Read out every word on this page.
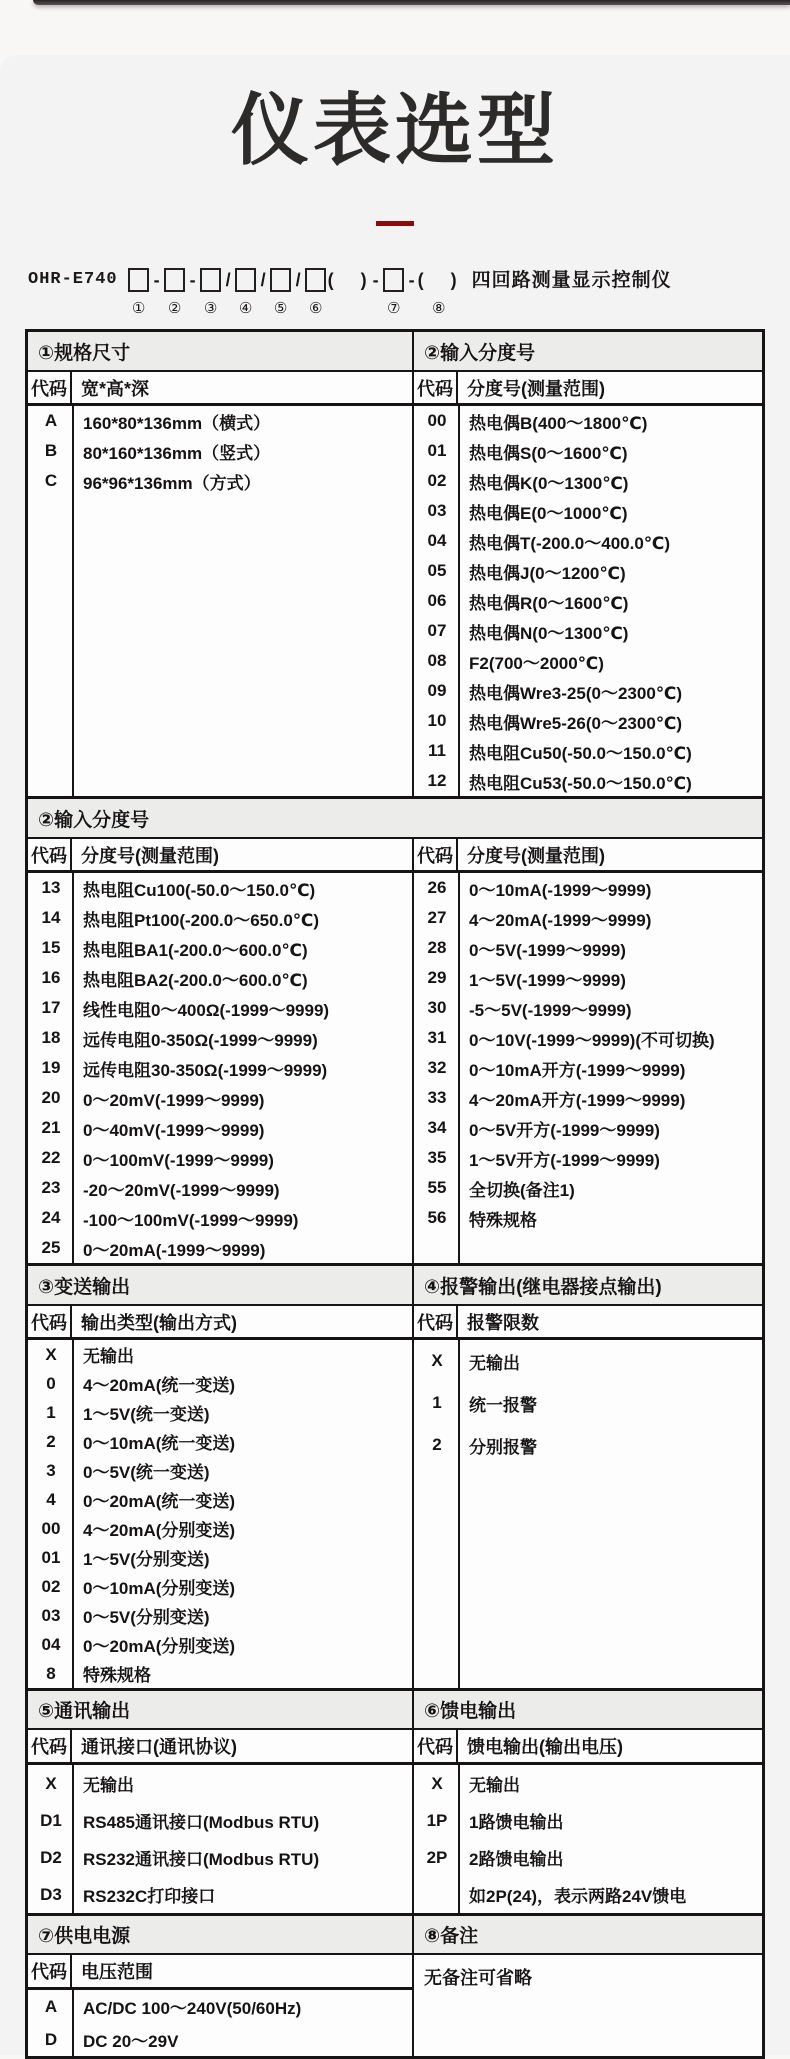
仪表选型
OHR-E740
①
-
②
-
③
/
④
/
⑤
/
⑥
(  ) -
⑦
- (  )
⑧
四回路测量显示控制仪
①规格尺寸	②输入分度号
代码 宽*高*深
A	160*80*136mm（横式）
B	80*160*136mm（竖式）
C	96*96*136mm（方式）
代码 分度号(测量范围)
00	热电偶B(400～1800℃)
01	热电偶S(0～1600℃)
02	热电偶K(0～1300℃)
03	热电偶E(0～1000℃)
04	热电偶T(-200.0～400.0℃)
05	热电偶J(0～1200℃)
06	热电偶R(0～1600℃)
07	热电偶N(0～1300℃)
08	F2(700～2000℃)
09	热电偶Wre3-25(0～2300℃)
10	热电偶Wre5-26(0～2300℃)
11	热电阻Cu50(-50.0～150.0℃)
12	热电阻Cu53(-50.0～150.0℃)
②输入分度号
代码 分度号(测量范围)
13	热电阻Cu100(-50.0～150.0℃)
14	热电阻Pt100(-200.0～650.0℃)
15	热电阻BA1(-200.0～600.0℃)
16	热电阻BA2(-200.0～600.0℃)
17	线性电阻0～400Ω(-1999～9999)
18	远传电阻0-350Ω(-1999～9999)
19	远传电阻30-350Ω(-1999～9999)
20	0～20mV(-1999～9999)
21	0～40mV(-1999～9999)
22	0～100mV(-1999～9999)
23	-20～20mV(-1999～9999)
24	-100～100mV(-1999～9999)
25	0～20mA(-1999～9999)
代码 分度号(测量范围)
26	0～10mA(-1999～9999)
27	4～20mA(-1999～9999)
28	0～5V(-1999～9999)
29	1～5V(-1999～9999)
30	-5～5V(-1999～9999)
31	0～10V(-1999～9999)(不可切换)
32	0～10mA开方(-1999～9999)
33	4～20mA开方(-1999～9999)
34	0～5V开方(-1999～9999)
35	1～5V开方(-1999～9999)
55	全切换(备注1)
56	特殊规格
③变送输出	④报警输出(继电器接点输出)
代码 输出类型(输出方式)
X	无输出
0	4～20mA(统一变送)
1	1～5V(统一变送)
2	0～10mA(统一变送)
3	0～5V(统一变送)
4	0～20mA(统一变送)
00	4～20mA(分别变送)
01	1～5V(分别变送)
02	0～10mA(分别变送)
03	0～5V(分别变送)
04	0～20mA(分别变送)
8	特殊规格
代码 报警限数
X	无输出
1	统一报警
2	分别报警
⑤通讯输出	⑥馈电输出
代码 通讯接口(通讯协议)
X	无输出
D1	RS485通讯接口(Modbus RTU)
D2	RS232通讯接口(Modbus RTU)
D3	RS232C打印接口
代码 馈电输出(输出电压)
X	无输出
1P	1路馈电输出
2P	2路馈电输出
如2P(24)，表示两路24V馈电
⑦供电电源	⑧备注
代码 电压范围
A	AC/DC 100～240V(50/60Hz)
D	DC 20～29V
无备注可省略
